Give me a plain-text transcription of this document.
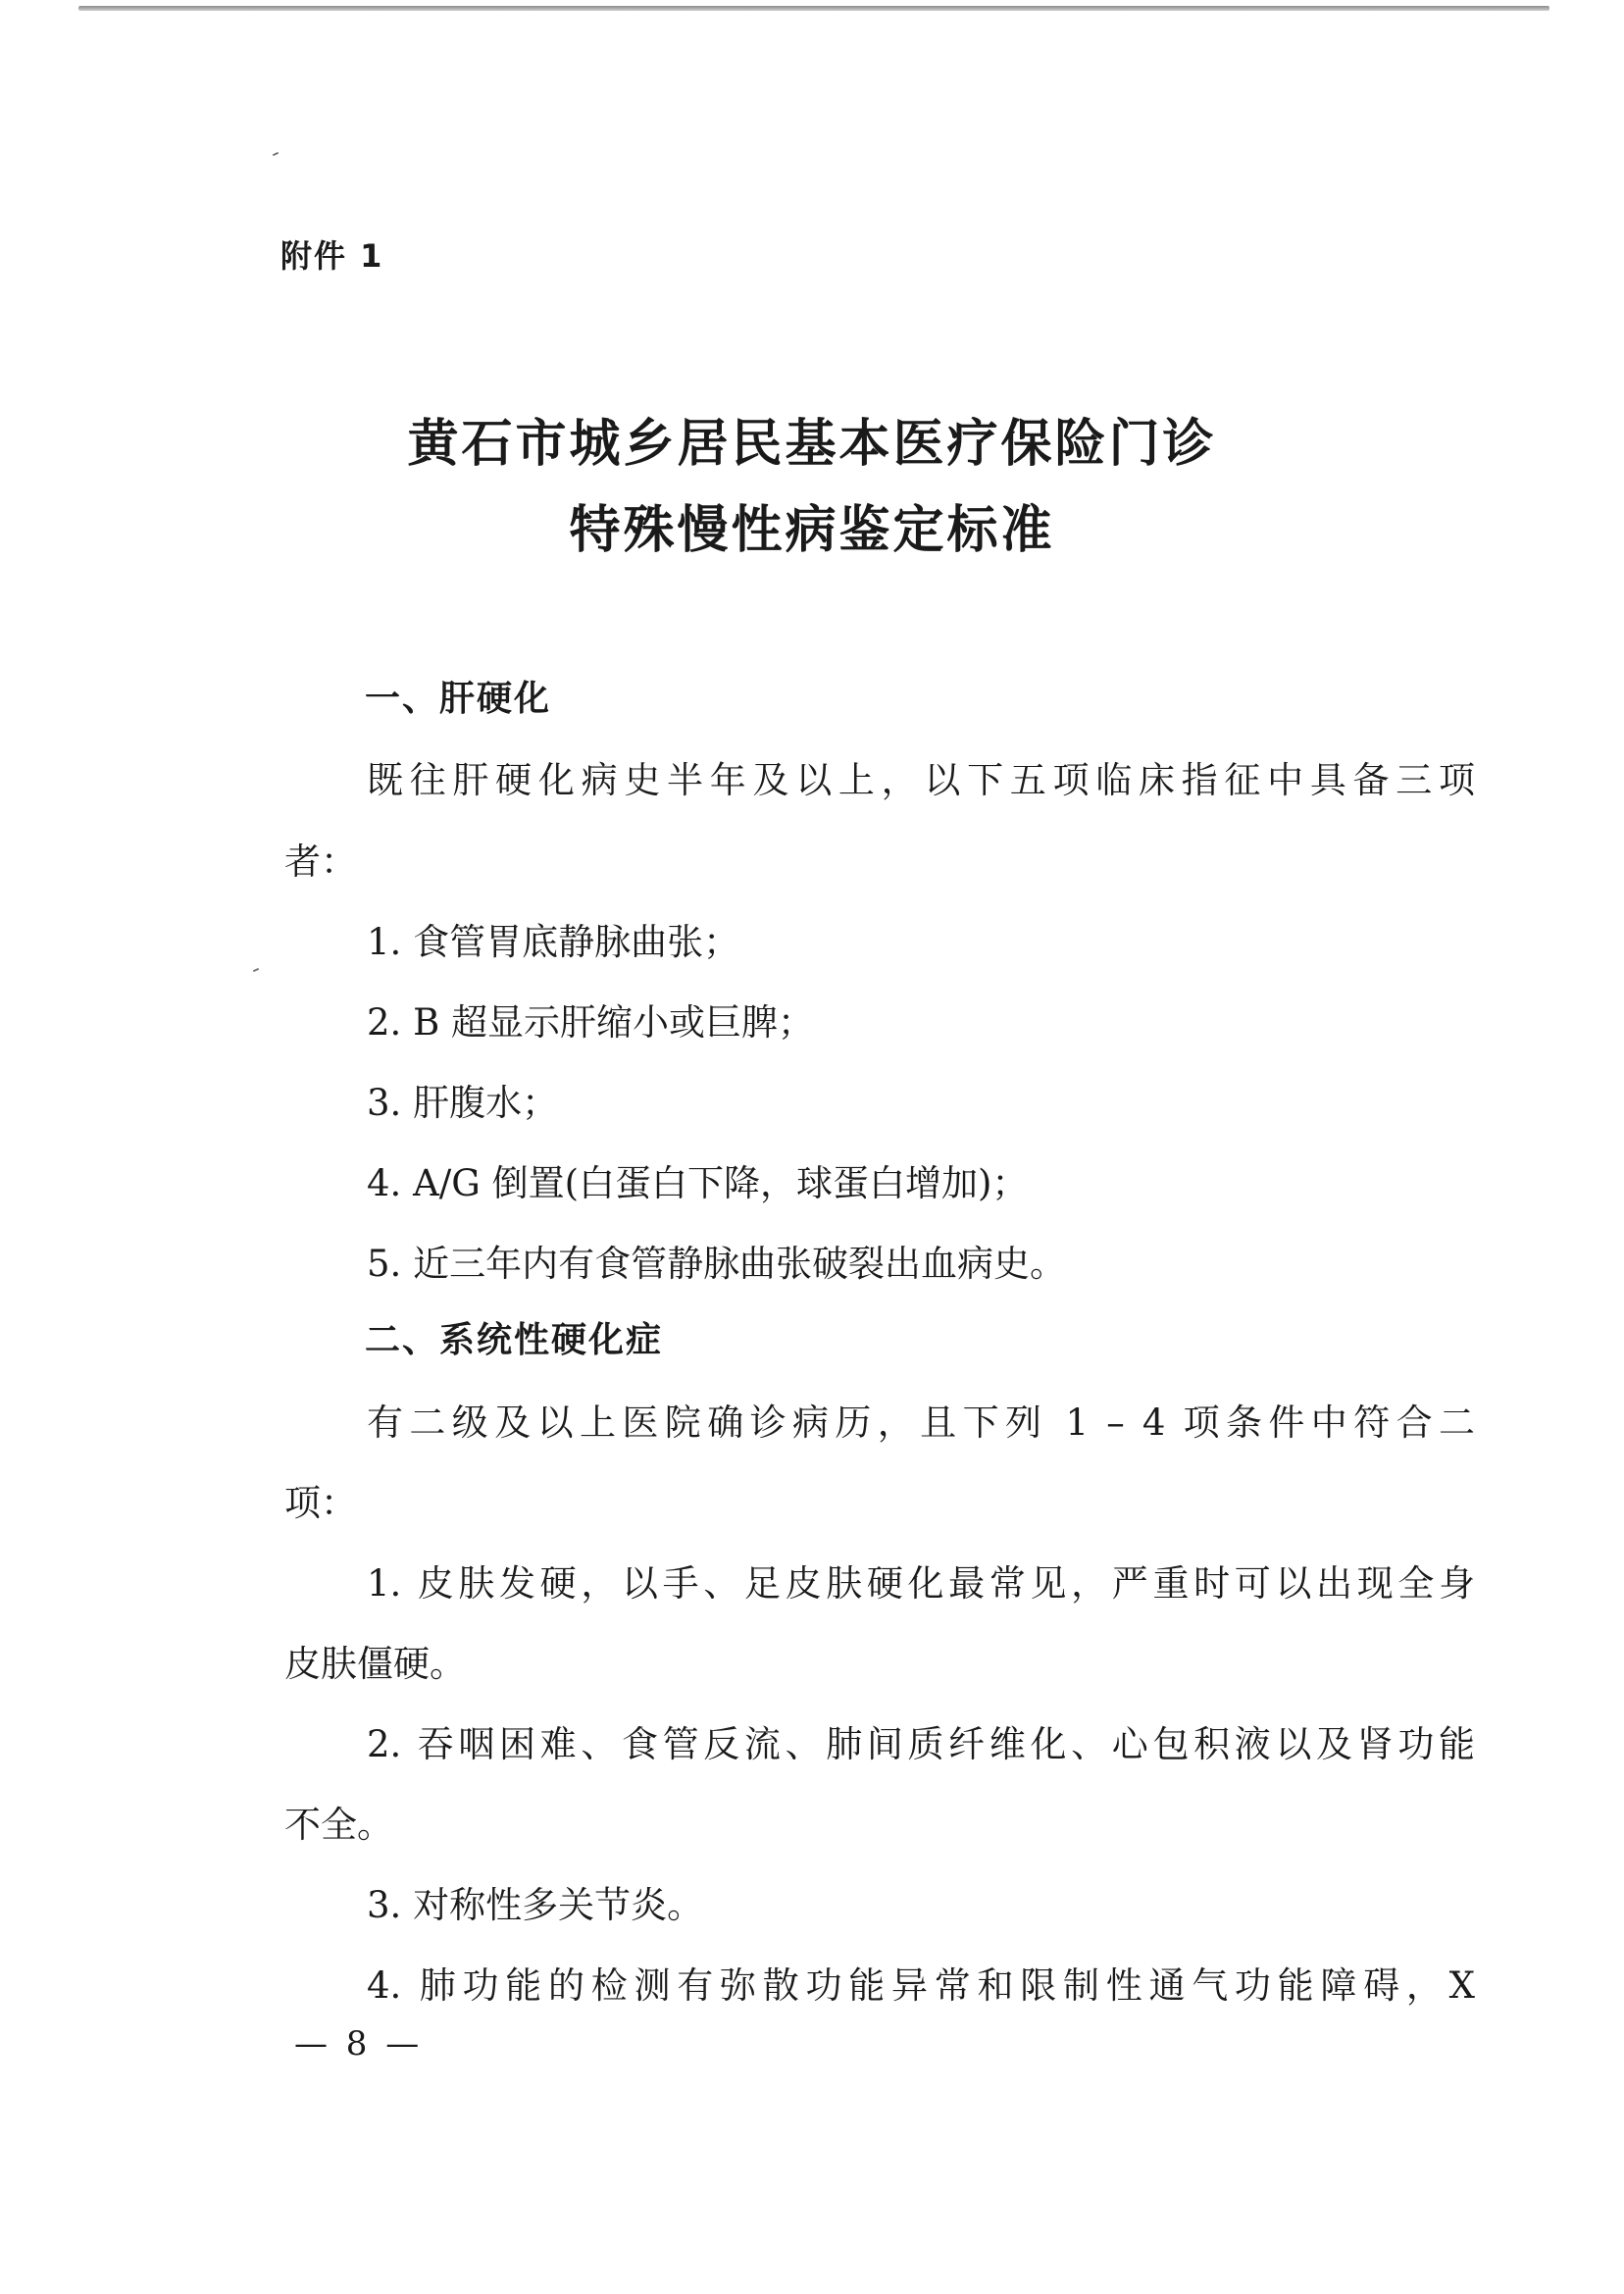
附件 1
黄石市城乡居民基本医疗保险门诊
特殊慢性病鉴定标准
一、肝硬化
既往肝硬化病史半年及以上，以下五项临床指征中具备三项
者：
1. 食管胃底静脉曲张；
2. B 超显示肝缩小或巨脾；
3. 肝腹水；
4. A/G 倒置(白蛋白下降，球蛋白增加)；
5. 近三年内有食管静脉曲张破裂出血病史。
二、系统性硬化症
有二级及以上医院确诊病历，且下列 1 – 4 项条件中符合二
项：
1. 皮肤发硬，以手、足皮肤硬化最常见，严重时可以出现全身
皮肤僵硬。
2. 吞咽困难、食管反流、肺间质纤维化、心包积液以及肾功能
不全。
3. 对称性多关节炎。
4. 肺功能的检测有弥散功能异常和限制性通气功能障碍，X
— 8 —
